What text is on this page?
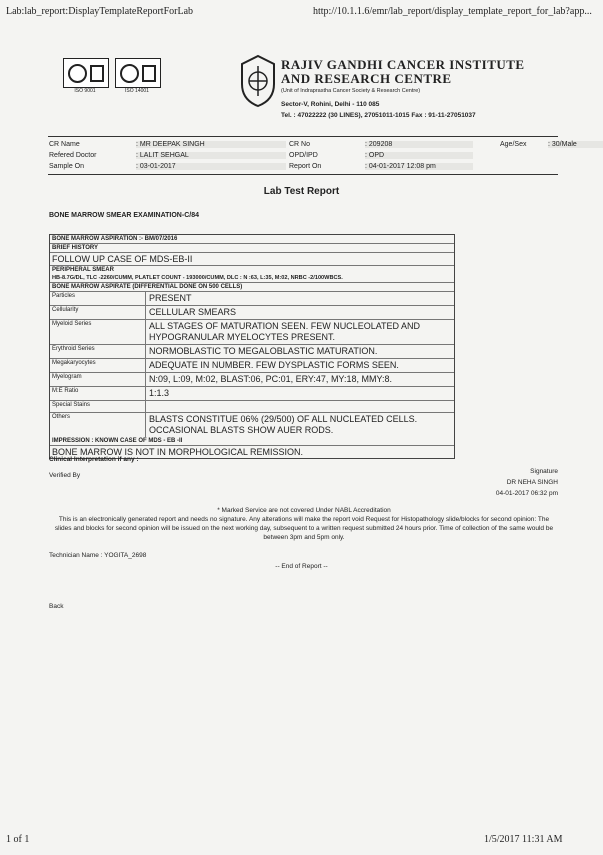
Lab:lab_report:DisplayTemplateReportForLab	http://10.1.1.6/emr/lab_report/display_template_report_for_lab?app...
ISO 9001	ISO 14001
RAJIV GANDHI CANCER INSTITUTE
AND RESEARCH CENTRE
(Unit of Indraprastha Cancer Society & Research Centre)
Sector-V, Rohini, Delhi - 110 085
Tel. : 47022222 (30 LINES), 27051011-1015 Fax : 91-11-27051037
CR Name	: MR DEEPAK SINGH	CR No	: 209208	Age/Sex	: 30/Male
Refered Doctor	: LALIT SEHGAL	OPD/IPD	: OPD
Sample On	: 03-01-2017	Report On	: 04-01-2017 12:08 pm
Lab Test Report
BONE MARROW SMEAR EXAMINATION-C/84
BONE MARROW ASPIRATION :- BM/07/2016
BRIEF HISTORY
FOLLOW UP CASE OF MDS-EB-II
PERIPHERAL SMEAR
HB-8.7G/DL, TLC -2260/CUMM, PLATLET COUNT - 193000/CUMM, DLC : N :63, L:35, M:02, NRBC -2/100WBCS.
BONE MARROW ASPIRATE (DIFFERENTIAL DONE ON 500 CELLS)
Particles	PRESENT
Cellularity	CELLULAR SMEARS
Myeloid Series	ALL STAGES OF MATURATION SEEN. FEW NUCLEOLATED AND HYPOGRANULAR MYELOCYTES PRESENT.
Erythroid Series	NORMOBLASTIC TO MEGALOBLASTIC MATURATION.
Megakaryocytes	ADEQUATE IN NUMBER. FEW DYSPLASTIC FORMS SEEN.
Myelogram	N:09, L:09, M:02, BLAST:06, PC:01, ERY:47, MY:18, MMY:8.
M:E Ratio	1:1.3
Special Stains
Others	BLASTS CONSTITUE 06% (29/500) OF ALL NUCLEATED CELLS. OCCASIONAL BLASTS SHOW AUER RODS.
IMPRESSION : KNOWN CASE OF MDS - EB -II
BONE MARROW IS NOT IN MORPHOLOGICAL REMISSION.
Clinical Interpretation if any :
Verified By
Signature
DR NEHA SINGH
04-01-2017 06:32 pm
* Marked Service are not covered Under NABL Accreditation
This is an electronically generated report and needs no signature. Any alterations will make the report void Request for Histopathology slide/blocks for second opinion: The slides and blocks for second opinion will be issued on the next working day, subsequent to a written request submitted 24 hours prior. Time of collection of the same would be between 3pm and 5pm only.
Technician Name : YOGITA_2698
-- End of Report --
Back
1 of 1	1/5/2017 11:31 AM
